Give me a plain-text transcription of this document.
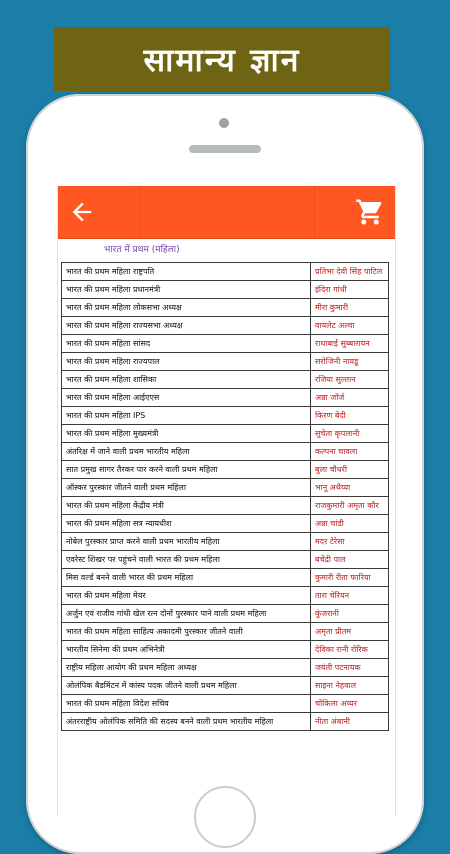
सामान्य ज्ञान
भारत में प्रथम (महिला)
भारत की प्रथम महिला राष्ट्रपति	प्रतिभा देवी सिंह पाटिल
भारत की प्रथम महिला प्रधानमंत्री	इंदिरा गांधी
भारत की प्रथम महिला लोकसभा अध्यक्ष	मीरा कुमारी
भारत की प्रथम महिला राज्यसभा अध्यक्ष	वायलेट अल्वा
भारत की प्रथम महिला सांसद	राधाबाई सुब्बारायन
भारत की प्रथम महिला राज्यपाल	सरोजिनी नायडू
भारत की प्रथम महिला शासिका	रजिया सुल्तान
भारत की प्रथम महिला आईएएस	अन्ना जॉर्ज
भारत की प्रथम महिला IPS	किरण बेदी
भारत की प्रथम महिला मुख्यमंत्री	सुचेता कृपलानी
अंतरिक्ष में जाने वाली प्रथम भारतीय महिला	कल्पना चावला
सात प्रमुख सागर तैरकर पार करने वाली प्रथम महिला	बुला चौधरी
ऑस्कर पुरस्कार जीतने वाली प्रथम महिला	भानू अथैय्या
भारत की प्रथम महिला केंद्रीय मंत्री	राजकुमारी अमृता कौर
भारत की प्रथम महिला सत्र न्यायधीश	अन्ना चांडी
नोबेल पुरस्कार प्राप्त करने वाली प्रथम भारतीय महिला	मदर टेरेसा
एवरेस्ट शिखर पर पहुंचने वाली भारत की प्रथम महिला	बचेंद्री पाल
मिस वर्ल्ड बनने वाली भारत की प्रथम महिला	कुमारी रीता फारिया
भारत की प्रथम महिला मेयर	तारा चेरियन
अर्जुन एवं राजीव गांधी खेल रत्न दोनों पुरस्कार पाने वाली प्रथम महिला	कुंजरानी
भारत की प्रथम महिला साहित्य अकादमी पुरस्कार जीतने वाली	अमृता प्रीतम
भारतीय सिनेमा की प्रथम अभिनेत्री	देविका रानी रोरिक
राष्ट्रीय महिला आयोग की प्रथम महिला अध्यक्ष	जयंती पटनायक
ओलंपिक बैडमिंटन में कांस्य पदक जीतने वाली प्रथम महिला	साइना नेहवाल
भारत की प्रथम महिला विदेश सचिव	चोकिला अय्यर
अंतरराष्ट्रीय ओलंपिक समिति की सदस्य बनने वाली प्रथम भारतीय महिला	नीता अंबानी
